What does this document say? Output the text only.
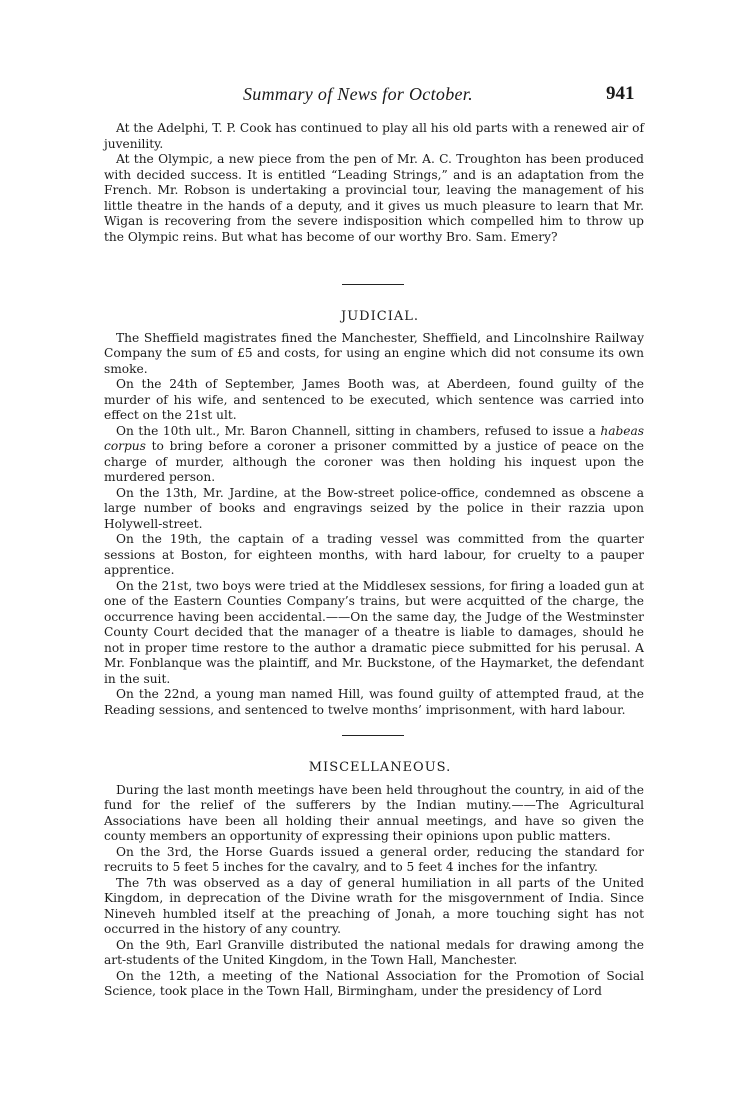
Summary of News for October.	941

At the Adelphi, T. P. Cook has continued to play all his old parts with a renewed air of juvenility.

At the Olympic, a new piece from the pen of Mr. A. C. Troughton has been produced with decided success. It is entitled “Leading Strings,” and is an adaptation from the French. Mr. Robson is undertaking a provincial tour, leaving the management of his little theatre in the hands of a deputy, and it gives us much pleasure to learn that Mr. Wigan is recovering from the severe indisposition which compelled him to throw up the Olympic reins. But what has become of our worthy Bro. Sam. Emery?

JUDICIAL.

The Sheffield magistrates fined the Manchester, Sheffield, and Lincolnshire Railway Company the sum of £5 and costs, for using an engine which did not consume its own smoke.

On the 24th of September, James Booth was, at Aberdeen, found guilty of the murder of his wife, and sentenced to be executed, which sentence was carried into effect on the 21st ult.

On the 10th ult., Mr. Baron Channell, sitting in chambers, refused to issue a habeas corpus to bring before a coroner a prisoner committed by a justice of peace on the charge of murder, although the coroner was then holding his inquest upon the murdered person.

On the 13th, Mr. Jardine, at the Bow-street police-office, condemned as obscene a large number of books and engravings seized by the police in their razzia upon Holywell-street.

On the 19th, the captain of a trading vessel was committed from the quarter sessions at Boston, for eighteen months, with hard labour, for cruelty to a pauper apprentice.

On the 21st, two boys were tried at the Middlesex sessions, for firing a loaded gun at one of the Eastern Counties Company’s trains, but were acquitted of the charge, the occurrence having been accidental.——On the same day, the Judge of the Westminster County Court decided that the manager of a theatre is liable to damages, should he not in proper time restore to the author a dramatic piece submitted for his perusal. A Mr. Fonblanque was the plaintiff, and Mr. Buckstone, of the Haymarket, the defendant in the suit.

On the 22nd, a young man named Hill, was found guilty of attempted fraud, at the Reading sessions, and sentenced to twelve months’ imprisonment, with hard labour.

MISCELLANEOUS.

During the last month meetings have been held throughout the country, in aid of the fund for the relief of the sufferers by the Indian mutiny.——The Agricultural Associations have been all holding their annual meetings, and have so given the county members an opportunity of expressing their opinions upon public matters.

On the 3rd, the Horse Guards issued a general order, reducing the standard for recruits to 5 feet 5 inches for the cavalry, and to 5 feet 4 inches for the infantry.

The 7th was observed as a day of general humiliation in all parts of the United Kingdom, in deprecation of the Divine wrath for the misgovernment of India. Since Nineveh humbled itself at the preaching of Jonah, a more touching sight has not occurred in the history of any country.

On the 9th, Earl Granville distributed the national medals for drawing among the art-students of the United Kingdom, in the Town Hall, Manchester.

On the 12th, a meeting of the National Association for the Promotion of Social Science, took place in the Town Hall, Birmingham, under the presidency of Lord
